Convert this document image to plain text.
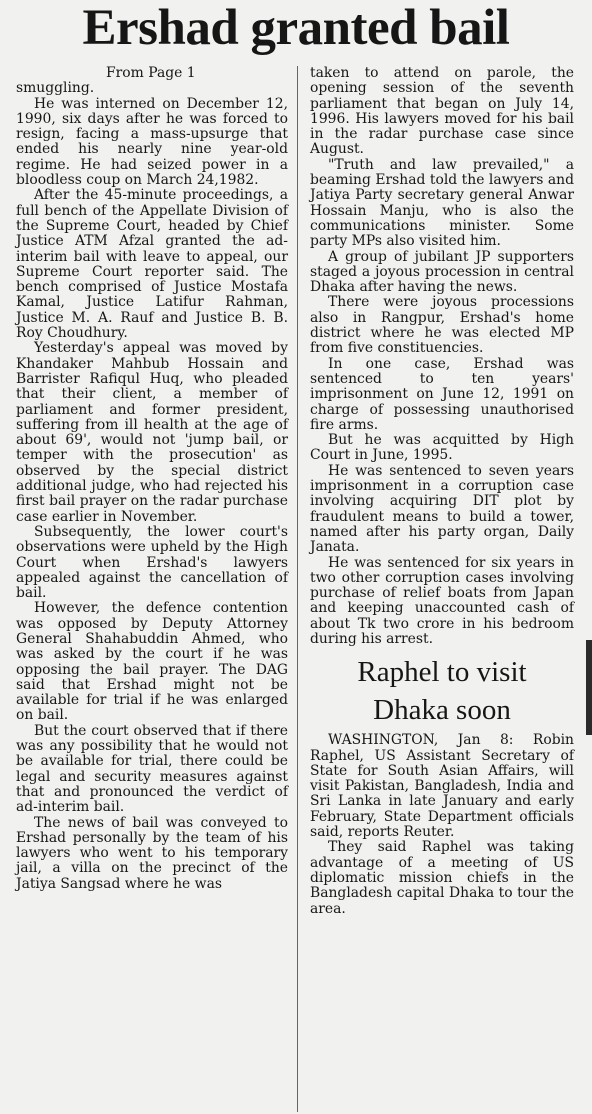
Ershad granted bail
From Page 1

smuggling.

He was interned on December 12, 1990, six days after he was forced to resign, facing a mass-upsurge that ended his nearly nine year-old regime. He had seized power in a bloodless coup on March 24,1982.

After the 45-minute proceedings, a full bench of the Appellate Division of the Supreme Court, headed by Chief Justice ATM Afzal granted the ad-interim bail with leave to appeal, our Supreme Court reporter said. The bench comprised of Justice Mostafa Kamal, Justice Latifur Rahman, Justice M. A. Rauf and Justice B. B. Roy Choudhury.

Yesterday's appeal was moved by Khandaker Mahbub Hossain and Barrister Rafiqul Huq, who pleaded that their client, a member of parliament and former president, suffering from ill health at the age of about 69', would not 'jump bail, or temper with the prosecution' as observed by the special district additional judge, who had rejected his first bail prayer on the radar purchase case earlier in November.

Subsequently, the lower court's observations were upheld by the High Court when Ershad's lawyers appealed against the cancellation of bail.

However, the defence contention was opposed by Deputy Attorney General Shahabuddin Ahmed, who was asked by the court if he was opposing the bail prayer. The DAG said that Ershad might not be available for trial if he was enlarged on bail.

But the court observed that if there was any possibility that he would not be available for trial, there could be legal and security measures against that and pronounced the verdict of ad-interim bail.

The news of bail was conveyed to Ershad personally by the team of his lawyers who went to his temporary jail, a villa on the precinct of the Jatiya Sangsad where he was

taken to attend on parole, the opening session of the seventh parliament that began on July 14, 1996. His lawyers moved for his bail in the radar purchase case since August.

"Truth and law prevailed," a beaming Ershad told the lawyers and Jatiya Party secretary general Anwar Hossain Manju, who is also the communications minister. Some party MPs also visited him.

A group of jubilant JP supporters staged a joyous procession in central Dhaka after having the news.

There were joyous processions also in Rangpur, Ershad's home district where he was elected MP from five constituencies.

In one case, Ershad was sentenced to ten years' imprisonment on June 12, 1991 on charge of possessing unauthorised fire arms.

But he was acquitted by High Court in June, 1995.

He was sentenced to seven years imprisonment in a corruption case involving acquiring DIT plot by fraudulent means to build a tower, named after his party organ, Daily Janata.

He was sentenced for six years in two other corruption cases involving purchase of relief boats from Japan and keeping unaccounted cash of about Tk two crore in his bedroom during his arrest.

Raphel to visit
Dhaka soon

WASHINGTON, Jan 8: Robin Raphel, US Assistant Secretary of State for South Asian Affairs, will visit Pakistan, Bangladesh, India and Sri Lanka in late January and early February, State Department officials said, reports Reuter.

They said Raphel was taking advantage of a meeting of US diplomatic mission chiefs in the Bangladesh capital Dhaka to tour the area.
